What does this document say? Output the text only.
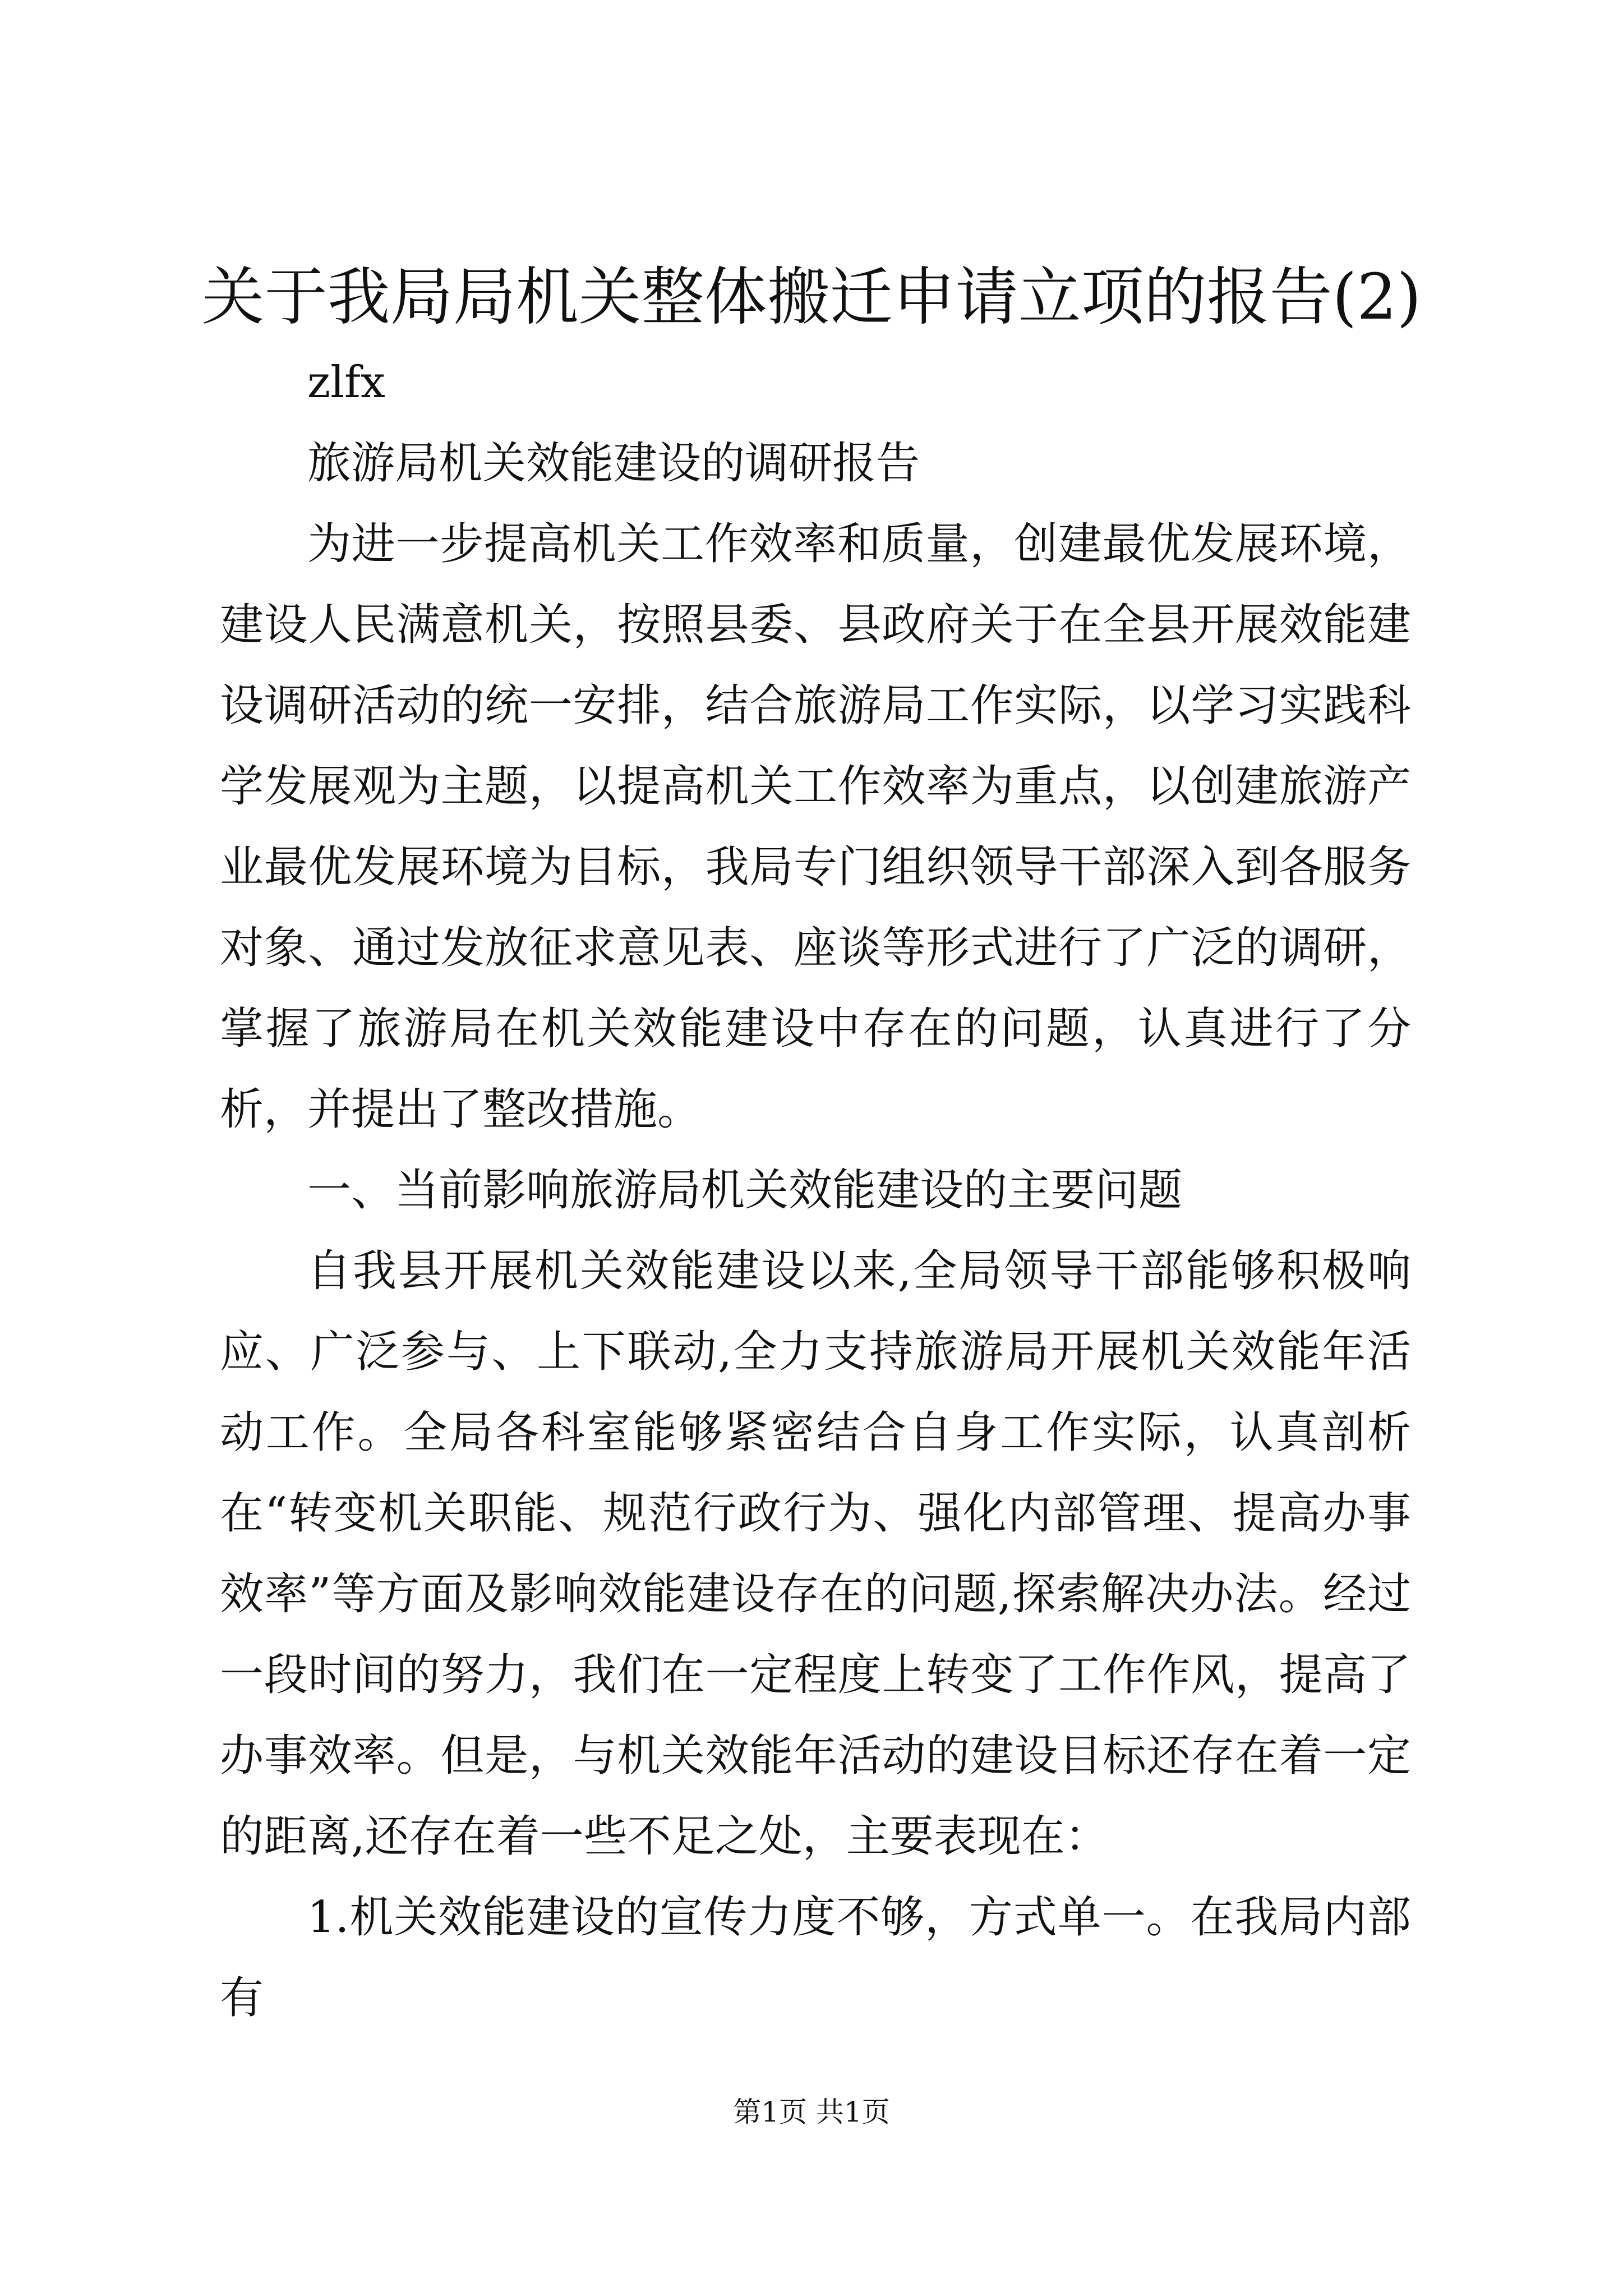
关于我局局机关整体搬迁申请立项的报告(2)

zlfx

旅游局机关效能建设的调研报告

为进一步提高机关工作效率和质量，创建最优发展环境，建设人民满意机关，按照县委、县政府关于在全县开展效能建设调研活动的统一安排，结合旅游局工作实际，以学习实践科学发展观为主题，以提高机关工作效率为重点，以创建旅游产业最优发展环境为目标，我局专门组织领导干部深入到各服务对象、通过发放征求意见表、座谈等形式进行了广泛的调研，掌握了旅游局在机关效能建设中存在的问题，认真进行了分析，并提出了整改措施。

一、当前影响旅游局机关效能建设的主要问题

自我县开展机关效能建设以来,全局领导干部能够积极响应、广泛参与、上下联动,全力支持旅游局开展机关效能年活动工作。全局各科室能够紧密结合自身工作实际，认真剖析在“转变机关职能、规范行政行为、强化内部管理、提高办事效率”等方面及影响效能建设存在的问题,探索解决办法。经过一段时间的努力，我们在一定程度上转变了工作作风，提高了办事效率。但是，与机关效能年活动的建设目标还存在着一定的距离,还存在着一些不足之处，主要表现在：

1.机关效能建设的宣传力度不够，方式单一。在我局内部有

第1页 共1页
